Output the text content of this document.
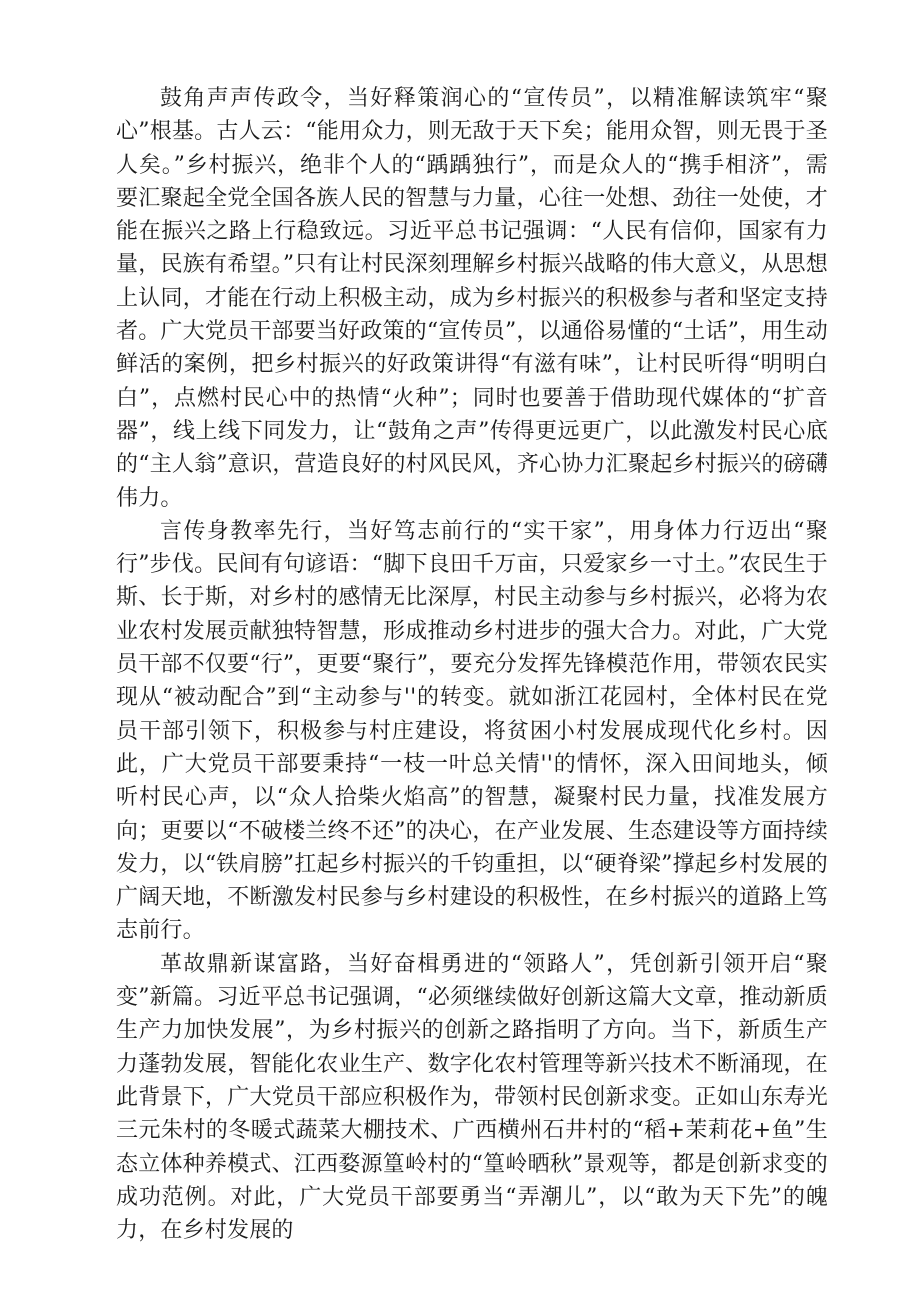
鼓角声声传政令，当好释策润心的“宣传员”，以精准解读筑牢“聚心”根基。古人云：“能用众力，则无敌于天下矣；能用众智，则无畏于圣人矣。”乡村振兴，绝非个人的“踽踽独行”，而是众人的“携手相济”，需要汇聚起全党全国各族人民的智慧与力量，心往一处想、劲往一处使，才能在振兴之路上行稳致远。习近平总书记强调：“人民有信仰，国家有力量，民族有希望。”只有让村民深刻理解乡村振兴战略的伟大意义，从思想上认同，才能在行动上积极主动，成为乡村振兴的积极参与者和坚定支持者。广大党员干部要当好政策的“宣传员”，以通俗易懂的“土话”，用生动鲜活的案例，把乡村振兴的好政策讲得“有滋有味”，让村民听得“明明白白”，点燃村民心中的热情“火种”；同时也要善于借助现代媒体的“扩音器”，线上线下同发力，让“鼓角之声”传得更远更广，以此激发村民心底的“主人翁”意识，营造良好的村风民风，齐心协力汇聚起乡村振兴的磅礴伟力。

言传身教率先行，当好笃志前行的“实干家”，用身体力行迈出“聚行”步伐。民间有句谚语：“脚下良田千万亩，只爱家乡一寸土。”农民生于斯、长于斯，对乡村的感情无比深厚，村民主动参与乡村振兴，必将为农业农村发展贡献独特智慧，形成推动乡村进步的强大合力。对此，广大党员干部不仅要“行”，更要“聚行”，要充分发挥先锋模范作用，带领农民实现从“被动配合”到“主动参与''的转变。就如浙江花园村，全体村民在党员干部引领下，积极参与村庄建设，将贫困小村发展成现代化乡村。因此，广大党员干部要秉持“一枝一叶总关情''的情怀，深入田间地头，倾听村民心声，以“众人拾柴火焰高”的智慧，凝聚村民力量，找准发展方向；更要以“不破楼兰终不还”的决心，在产业发展、生态建设等方面持续发力，以“铁肩膀”扛起乡村振兴的千钧重担，以“硬脊梁”撑起乡村发展的广阔天地，不断激发村民参与乡村建设的积极性，在乡村振兴的道路上笃志前行。

革故鼎新谋富路，当好奋楫勇进的“领路人”，凭创新引领开启“聚变”新篇。习近平总书记强调，“必须继续做好创新这篇大文章，推动新质生产力加快发展”，为乡村振兴的创新之路指明了方向。当下，新质生产力蓬勃发展，智能化农业生产、数字化农村管理等新兴技术不断涌现，在此背景下，广大党员干部应积极作为，带领村民创新求变。正如山东寿光三元朱村的冬暖式蔬菜大棚技术、广西横州石井村的“稻+茉莉花+鱼”生态立体种养模式、江西婺源篁岭村的“篁岭晒秋”景观等，都是创新求变的成功范例。对此，广大党员干部要勇当“弄潮儿”，以“敢为天下先”的魄力，在乡村发展的
